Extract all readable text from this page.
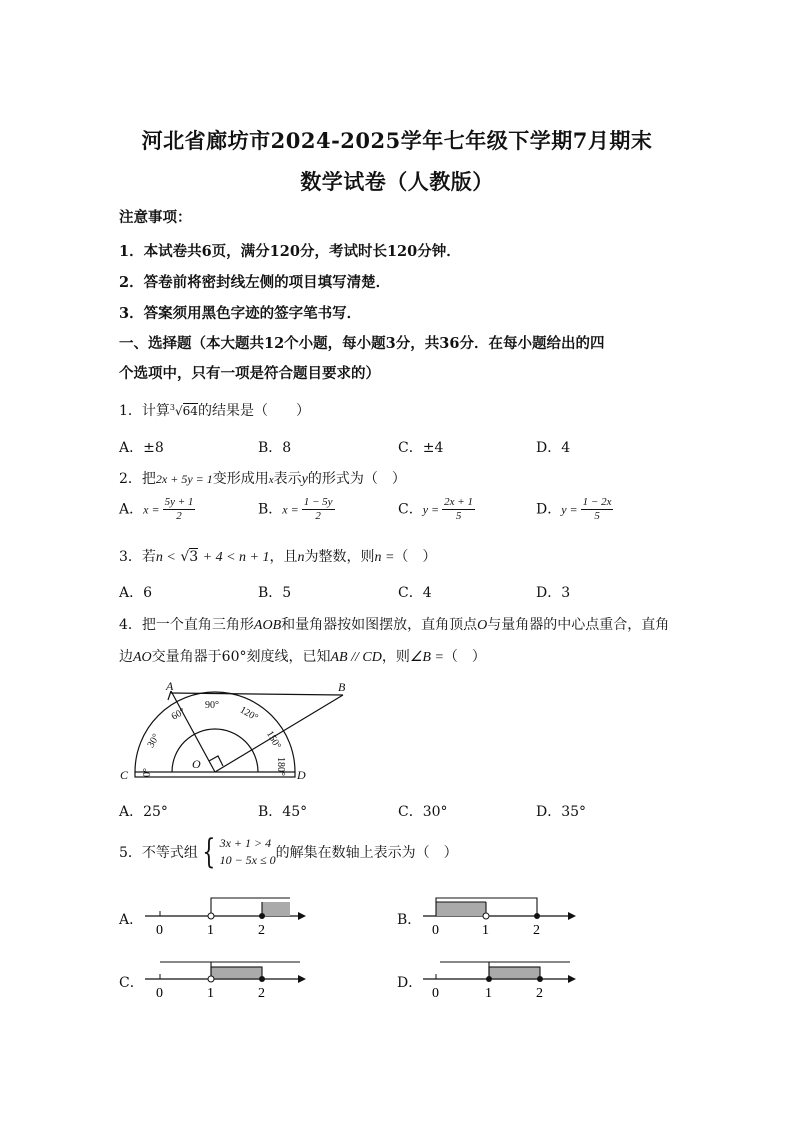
河北省廊坊市2024-2025学年七年级下学期7月期末
数学试卷（人教版）
注意事项：
1．本试卷共6页，满分120分，考试时长120分钟．
2．答卷前将密封线左侧的项目填写清楚．
3．答案须用黑色字迹的签字笔书写．
一、选择题（本大题共12个小题，每小题3分，共36分．在每小题给出的四
个选项中，只有一项是符合题目要求的）
1．计算$^3$√64的结果是（　　）
A．±8	B．8	C．±4	D．4
2．把2x + 5y = 1变形成用x表示y的形式为（　）
A．$x = \frac{5y + 1}{2}$	B．$x = \frac{1 - 5y}{2}$	C．$y = \frac{2x + 1}{5}$	D．$y = \frac{1 - 2x}{5}$
3．若n < √3 + 4 < n + 1，且n为整数，则n =（　）
A．6	B．5	C．4	D．3
4．把一个直角三角形AOB和量角器按如图摆放，直角顶点O与量角器的中心点重合，直角
边AO交量角器于60°刻度线，已知AB // CD，则∠B =（　）
A	B
C	D
O
0°
30°
60°
90° 120°
150°
180°
A．25°	B．45°	C．30°	D．35°
5．不等式组 { 3x + 1 > 4
10 − 5x ≤ 0 的解集在数轴上表示为（　）
A．
0	1	2
B．
0	1	2
C．
0	1	2
D．
0	1	2
